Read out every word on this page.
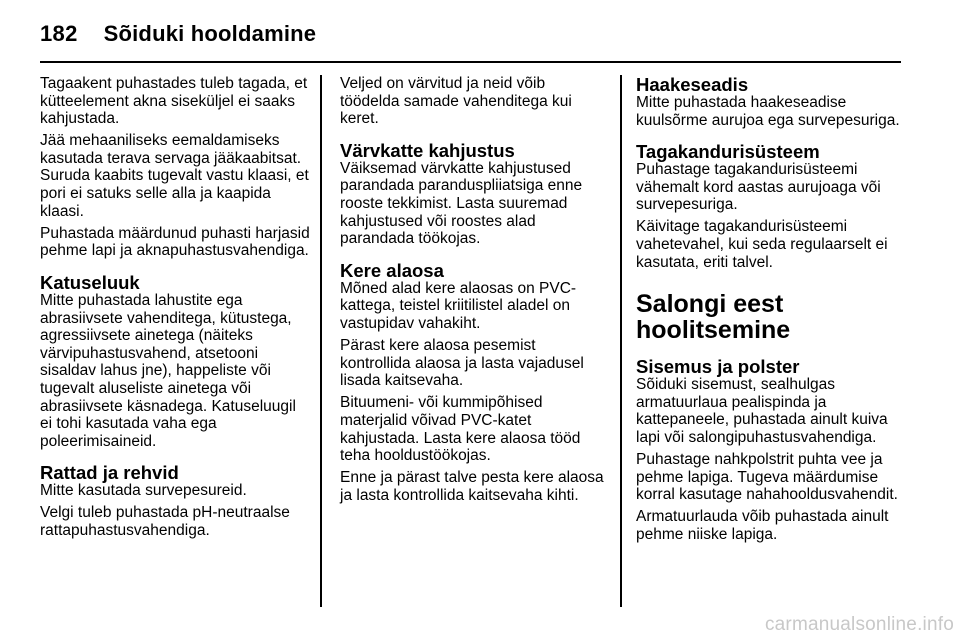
182 Sõiduki hooldamine

Tagaakent puhastades tuleb tagada, et kütteelement akna siseküljel ei saaks kahjustada.

Jää mehaaniliseks eemaldamiseks kasutada terava servaga jääkaabitsat. Suruda kaabits tugevalt vastu klaasi, et pori ei satuks selle alla ja kaapida klaasi.

Puhastada määrdunud puhasti harjasid pehme lapi ja aknapuhastusvahendiga.

Katuseluuk

Mitte puhastada lahustite ega abrasiivsete vahenditega, kütustega, agressiivsete ainetega (näiteks värvipuhastusvahend, atsetooni sisaldav lahus jne), happeliste või tugevalt aluseliste ainetega või abrasiivsete käsnadega. Katuseluugil ei tohi kasutada vaha ega poleerimisaineid.

Rattad ja rehvid

Mitte kasutada survepesureid.

Velgi tuleb puhastada pH-neutraalse rattapuhastusvahendiga.

Veljed on värvitud ja neid võib töödelda samade vahenditega kui keret.

Värvkatte kahjustus

Väiksemad värvkatte kahjustused parandada paranduspliiatsiga enne rooste tekkimist. Lasta suuremad kahjustused või roostes alad parandada töökojas.

Kere alaosa

Mõned alad kere alaosas on PVC-kattega, teistel kriitilistel aladel on vastupidav vahakiht.

Pärast kere alaosa pesemist kontrollida alaosa ja lasta vajadusel lisada kaitsevaha.

Bituumeni- või kummipõhised materjalid võivad PVC-katet kahjustada. Lasta kere alaosa tööd teha hooldustöökojas.

Enne ja pärast talve pesta kere alaosa ja lasta kontrollida kaitsevaha kihti.

Haakeseadis

Mitte puhastada haakeseadise kuulsõrme aurujoa ega survepesuriga.

Tagakandurisüsteem

Puhastage tagakandurisüsteemi vähemalt kord aastas aurujoaga või survepesuriga.

Käivitage tagakandurisüsteemi vahetevahel, kui seda regulaarselt ei kasutata, eriti talvel.

Salongi eest hoolitsemine
Sisemus ja polster

Sõiduki sisemust, sealhulgas armatuurlaua pealispinda ja kattepaneele, puhastada ainult kuiva lapi või salongipuhastusvahendiga.

Puhastage nahkpolstrit puhta vee ja pehme lapiga. Tugeva määrdumise korral kasutage nahahooldusvahendit.

Armatuurlauda võib puhastada ainult pehme niiske lapiga.

carmanualsonline.info
